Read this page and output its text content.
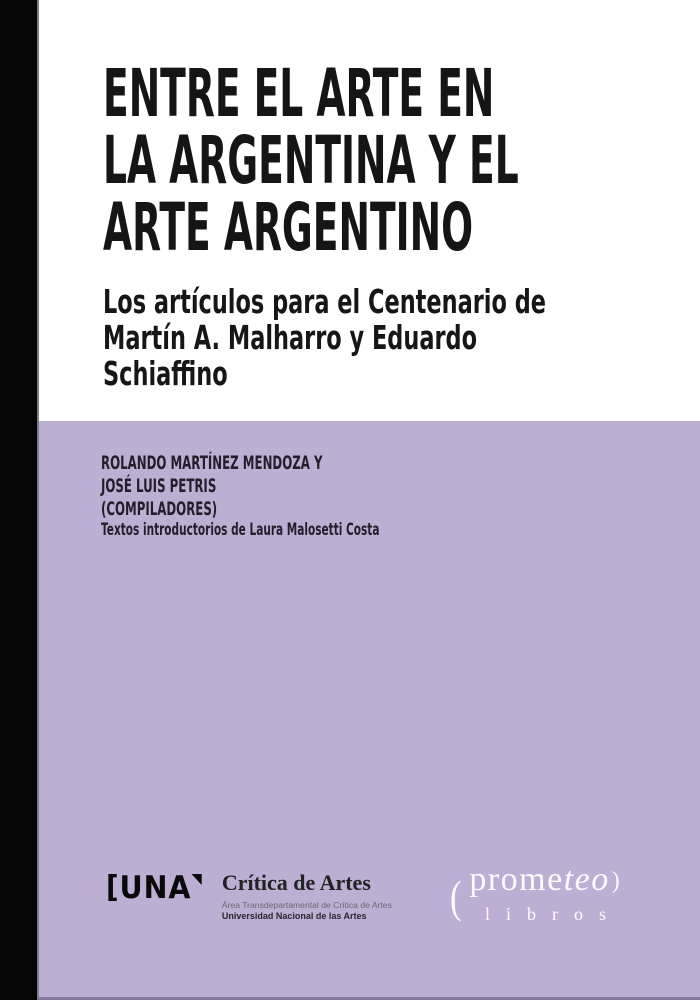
ENTRE EL ARTE EN
LA ARGENTINA Y EL
ARTE ARGENTINO
Los artículos para el Centenario de
Martín A. Malharro y Eduardo
Schiaffino
ROLANDO MARTÍNEZ MENDOZA Y
JOSÉ LUIS PETRIS
(COMPILADORES)
Textos introductorios de Laura Malosetti Costa
[ UNA Crítica de Artes
Área Transdepartamental de Crítica de Artes
Universidad Nacional de las Artes	( prometeo)
libros
